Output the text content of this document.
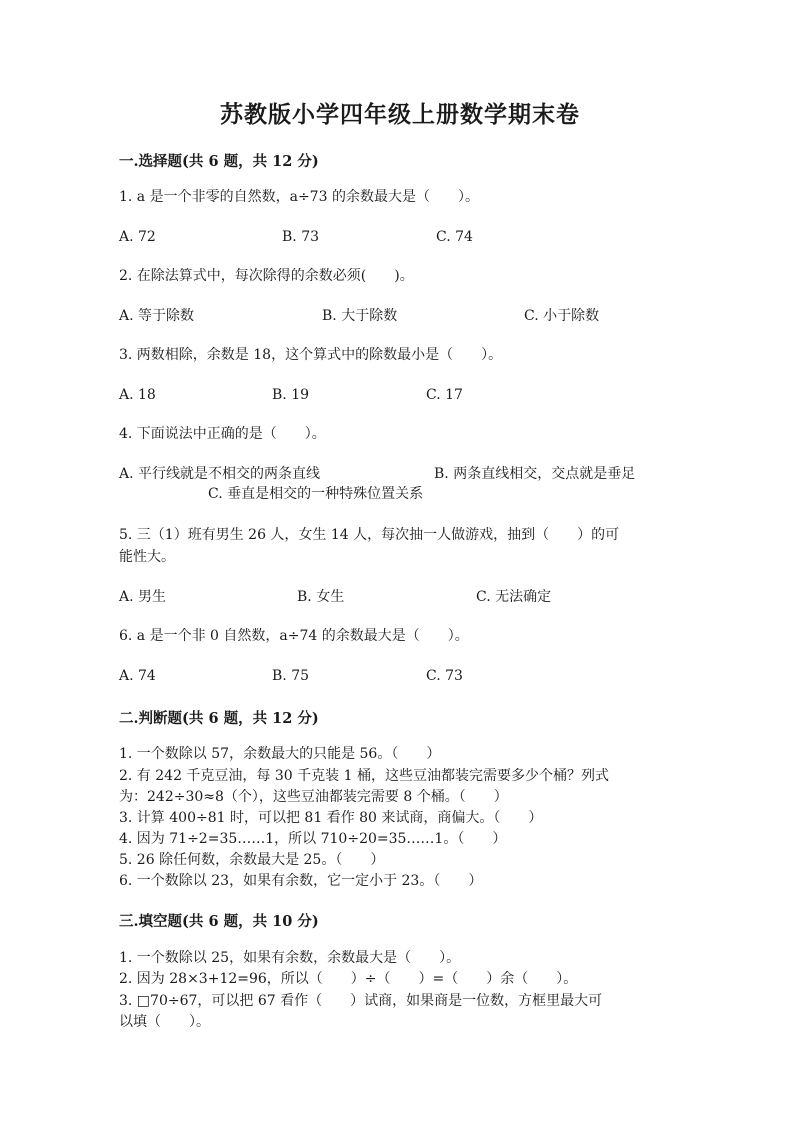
苏教版小学四年级上册数学期末卷
一.选择题(共 6 题，共 12 分)
1. a 是一个非零的自然数，a÷73 的余数最大是（　　）。
A. 72	B. 73	C. 74
2. 在除法算式中，每次除得的余数必须(　　)。
A. 等于除数	B. 大于除数	C. 小于除数
3. 两数相除，余数是 18，这个算式中的除数最小是（　　）。
A. 18	B. 19	C. 17
4. 下面说法中正确的是（　　）。
A. 平行线就是不相交的两条直线	B. 两条直线相交，交点就是垂足
C. 垂直是相交的一种特殊位置关系
5. 三（1）班有男生 26 人，女生 14 人，每次抽一人做游戏，抽到（　　）的可
能性大。
A. 男生	B. 女生	C. 无法确定
6. a 是一个非 0 自然数，a÷74 的余数最大是（　　）。
A. 74	B. 75	C. 73
二.判断题(共 6 题，共 12 分)
1. 一个数除以 57，余数最大的只能是 56。（　　）
2. 有 242 千克豆油，每 30 千克装 1 桶，这些豆油都装完需要多少个桶？列式
为：242÷30≈8（个），这些豆油都装完需要 8 个桶。（　　）
3. 计算 400÷81 时，可以把 81 看作 80 来试商，商偏大。（　　）
4. 因为 71÷2=35……1，所以 710÷20=35……1。（　　）
5. 26 除任何数，余数最大是 25。（　　）
6. 一个数除以 23，如果有余数，它一定小于 23。（　　）
三.填空题(共 6 题，共 10 分)
1. 一个数除以 25，如果有余数，余数最大是（　　）。
2. 因为 28×3+12=96，所以（　　）÷（　　）=（　　）余（　　）。
3. □70÷67，可以把 67 看作（　　）试商，如果商是一位数，方框里最大可
以填（　　）。
